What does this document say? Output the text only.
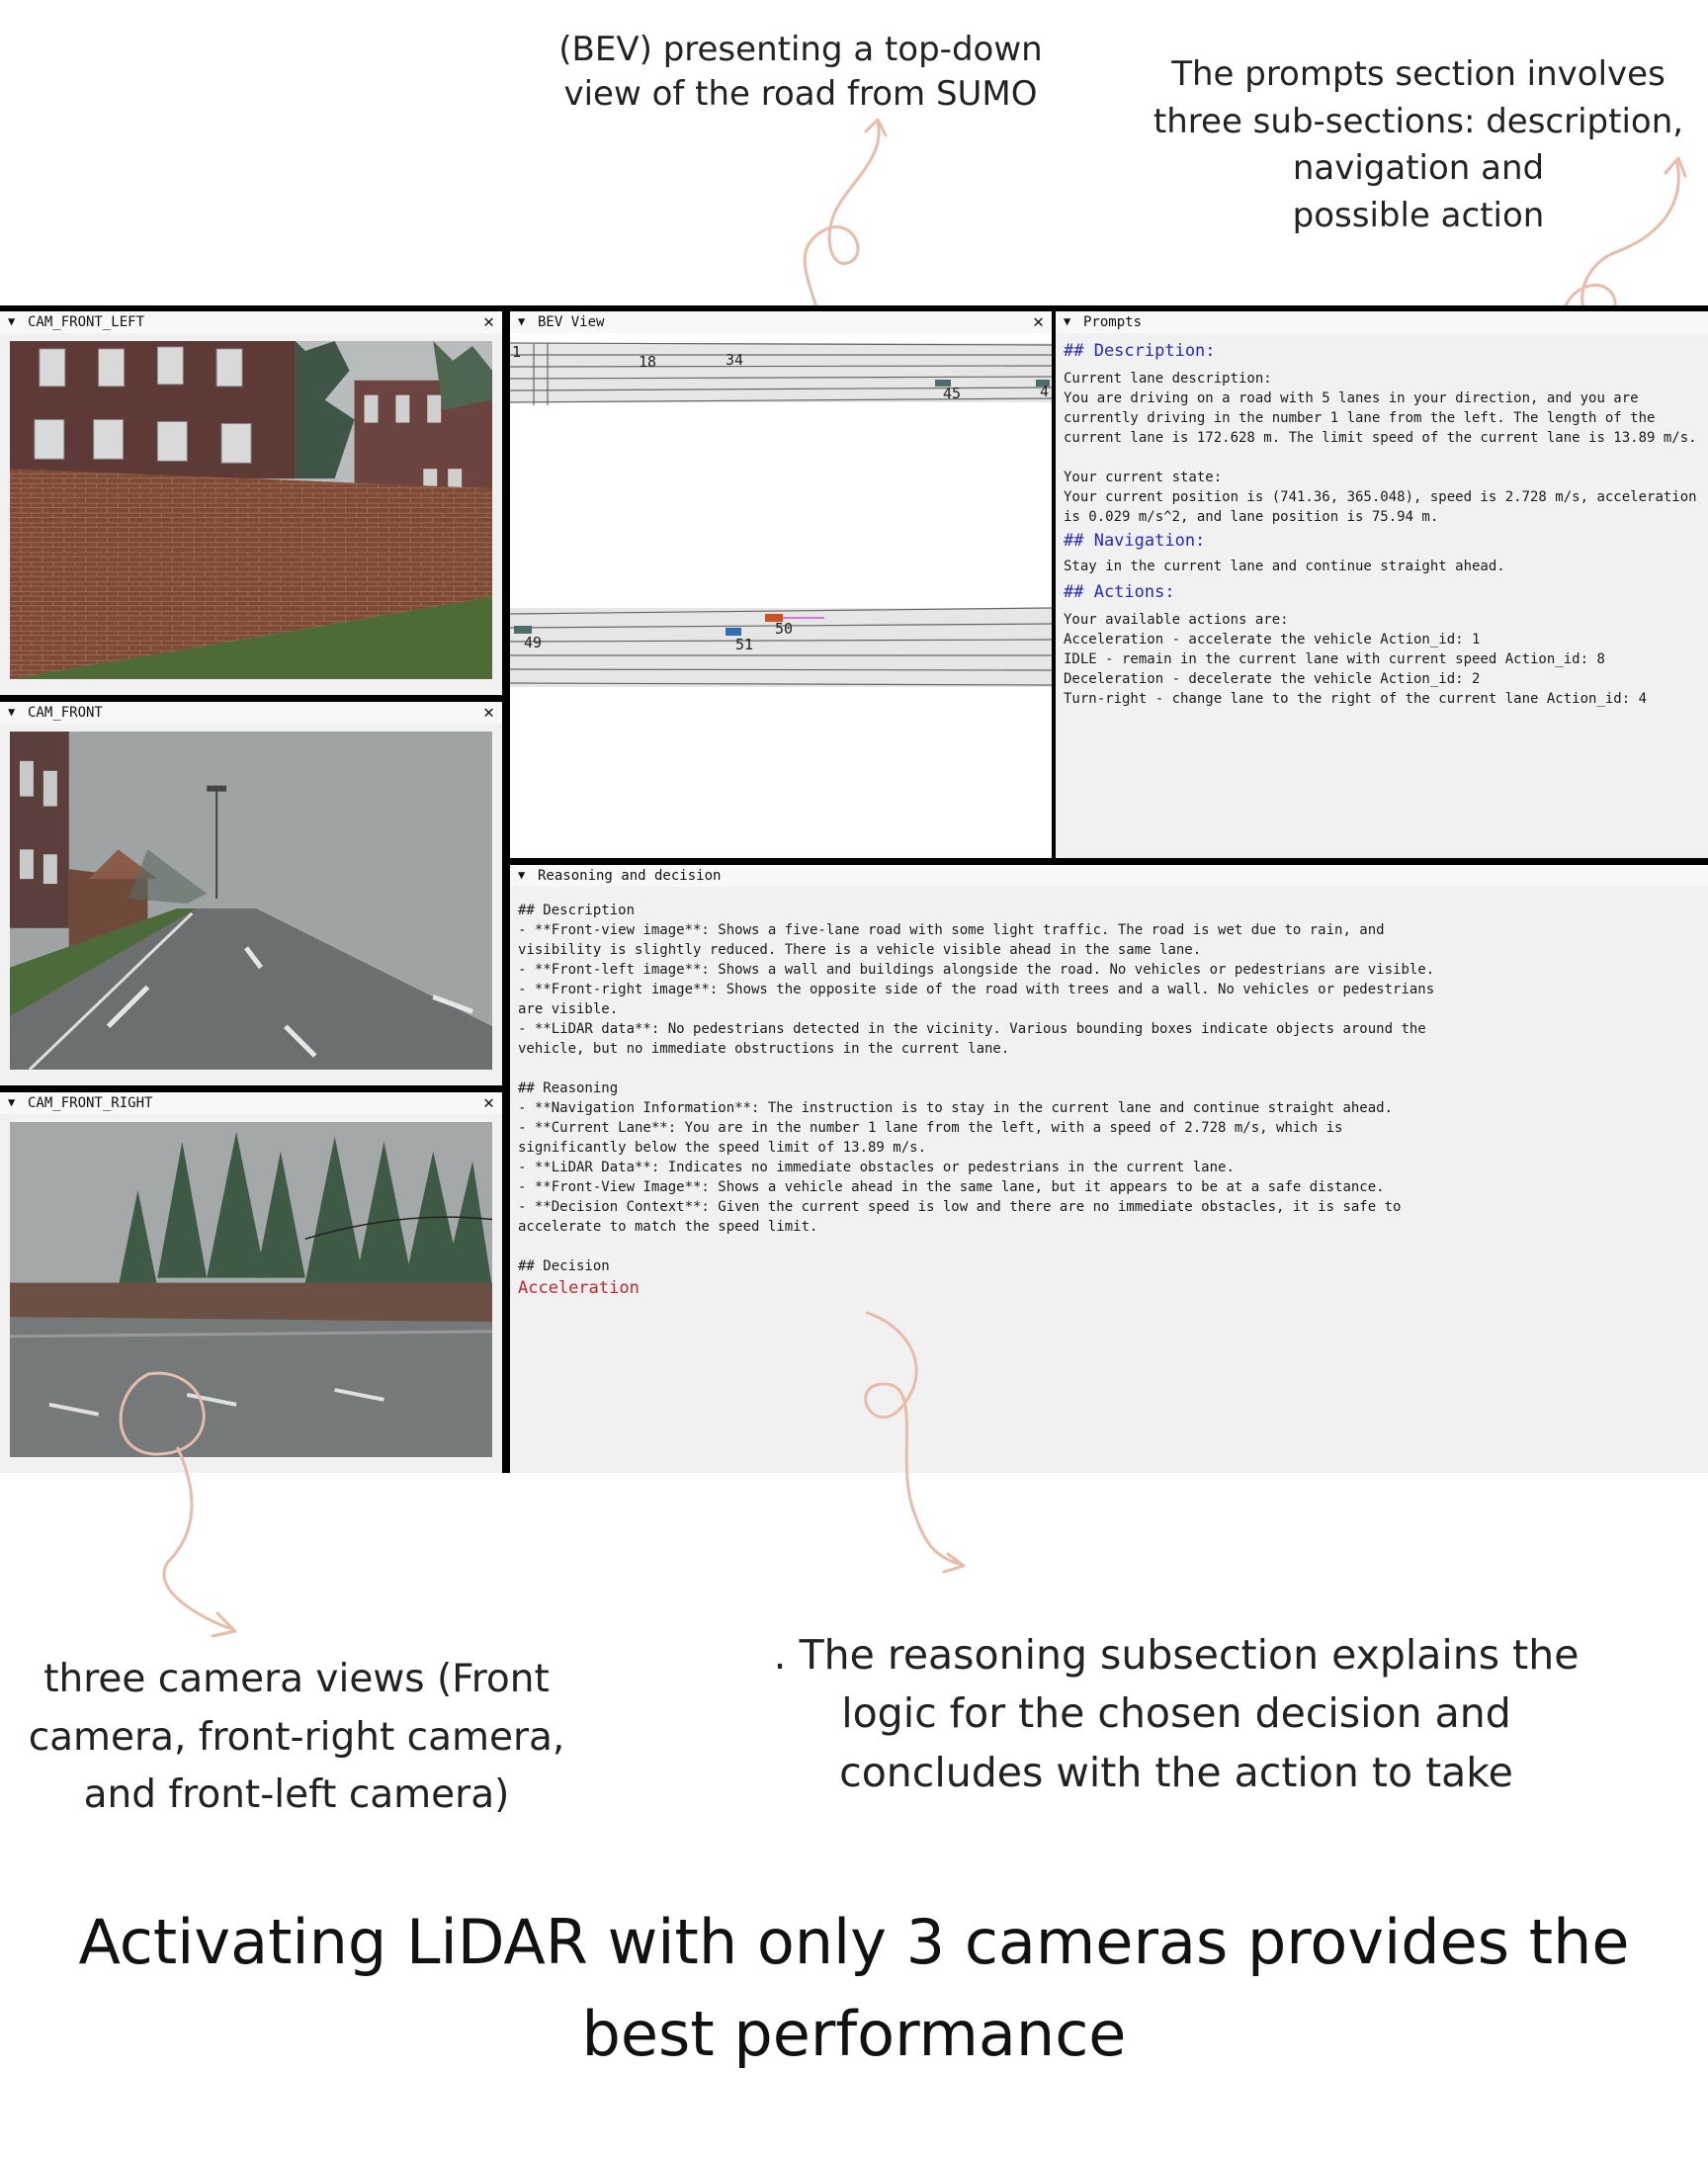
(BEV) presenting a top-down
view of the road from SUMO	The prompts section involves
three sub-sections: description,
navigation and
possible action
▼ CAM_FRONT_LEFT	✕
▼ CAM_FRONT	✕
▼ CAM_FRONT_RIGHT	✕
▼ BEV View	✕
1
18	34
45	4
49	51
50
▼ Prompts
## Description:
Current lane description:
You are driving on a road with 5 lanes in your direction, and you are currently driving in the number 1 lane from the left. The length of the current lane is 172.628 m. The limit speed of the current lane is 13.89 m/s.
Your current state:
Your current position is (741.36, 365.048), speed is 2.728 m/s, acceleration is 0.029 m/s^2, and lane position is 75.94 m.
## Navigation:
Stay in the current lane and continue straight ahead.
## Actions:
Your available actions are:
Acceleration - accelerate the vehicle Action_id: 1
IDLE - remain in the current lane with current speed Action_id: 8
Deceleration - decelerate the vehicle Action_id: 2
Turn-right - change lane to the right of the current lane Action_id: 4
▼ Reasoning and decision
## Description
- **Front-view image**: Shows a five-lane road with some light traffic. The road is wet due to rain, and visibility is slightly reduced. There is a vehicle visible ahead in the same lane.
- **Front-left image**: Shows a wall and buildings alongside the road. No vehicles or pedestrians are visible.
- **Front-right image**: Shows the opposite side of the road with trees and a wall. No vehicles or pedestrians are visible.
- **LiDAR data**: No pedestrians detected in the vicinity. Various bounding boxes indicate objects around the vehicle, but no immediate obstructions in the current lane.
## Reasoning
- **Navigation Information**: The instruction is to stay in the current lane and continue straight ahead.
- **Current Lane**: You are in the number 1 lane from the left, with a speed of 2.728 m/s, which is significantly below the speed limit of 13.89 m/s.
- **LiDAR Data**: Indicates no immediate obstacles or pedestrians in the current lane.
- **Front-View Image**: Shows a vehicle ahead in the same lane, but it appears to be at a safe distance.
- **Decision Context**: Given the current speed is low and there are no immediate obstacles, it is safe to accelerate to match the speed limit.
## Decision
Acceleration
three camera views (Front
camera, front-right camera,
and front-left camera)
. The reasoning subsection explains the
logic for the chosen decision and
concludes with the action to take
Activating LiDAR with only 3 cameras provides the
best performance
